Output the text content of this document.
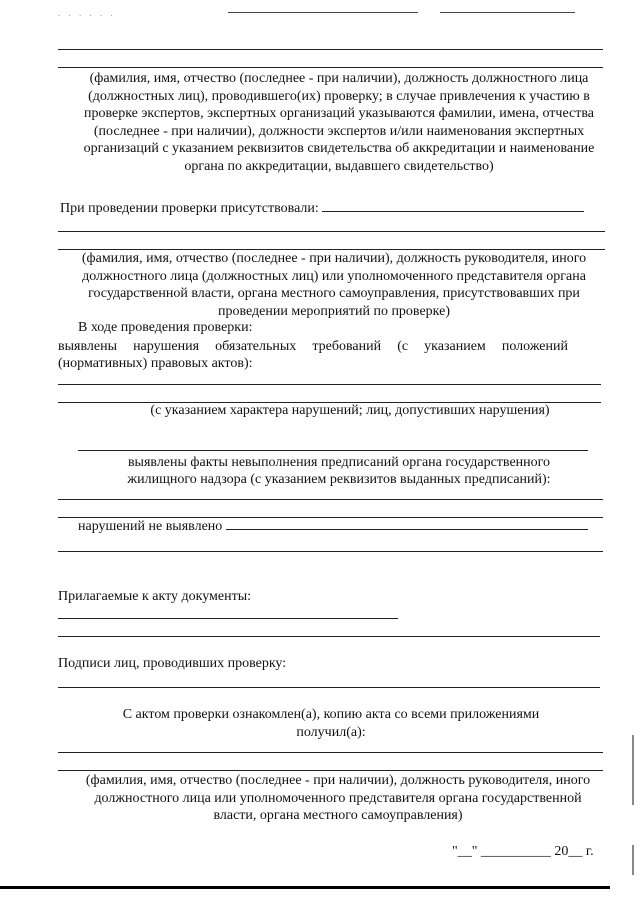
. . . . . .
(фамилия, имя, отчество (последнее - при наличии), должность должностного лица (должностных лиц), проводившего(их) проверку; в случае привлечения к участию в проверке экспертов, экспертных организаций указываются фамилии, имена, отчества (последнее - при наличии), должности экспертов и/или наименования экспертных организаций с указанием реквизитов свидетельства об аккредитации и наименование органа по аккредитации, выдавшего свидетельство)
При проведении проверки присутствовали:
(фамилия, имя, отчество (последнее - при наличии), должность руководителя, иного должностного лица (должностных лиц) или уполномоченного представителя органа государственной власти, органа местного самоуправления, присутствовавших при проведении мероприятий по проверке)
В ходе проведения проверки:
выявлены нарушения обязательных требований (с указанием положений (нормативных) правовых актов):
(с указанием характера нарушений; лиц, допустивших нарушения)
выявлены факты невыполнения предписаний органа государственного жилищного надзора (с указанием реквизитов выданных предписаний):
нарушений не выявлено
Прилагаемые к акту документы:
Подписи лиц, проводивших проверку:
С актом проверки ознакомлен(а), копию акта со всеми приложениями получил(а):
(фамилия, имя, отчество (последнее - при наличии), должность руководителя, иного должностного лица или уполномоченного представителя органа государственной власти, органа местного самоуправления)
"__" __________ 20__ г.
